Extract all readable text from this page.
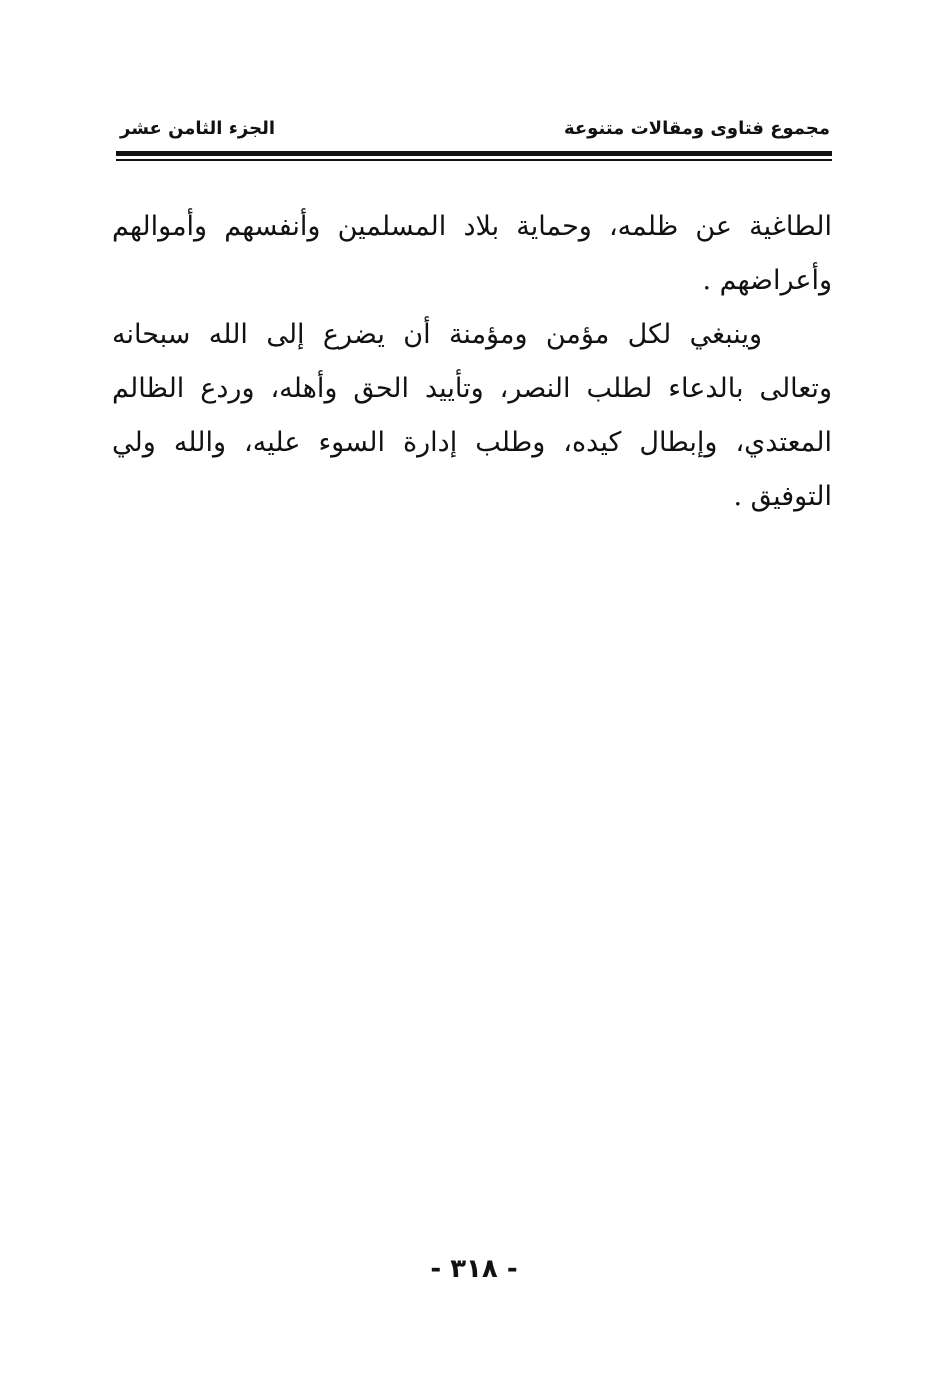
الجزء الثامن عشر	مجموع فتاوى ومقالات متنوعة

الطاغية عن ظلمه، وحماية بلاد المسلمين وأنفسهم وأموالهم وأعراضهم .

وينبغي لكل مؤمن ومؤمنة أن يضرع إلى الله سبحانه وتعالى بالدعاء لطلب النصر، وتأييد الحق وأهله، وردع الظالم المعتدي، وإبطال كيده، وطلب إدارة السوء عليه، والله ولي التوفيق .

- ٣١٨ -
